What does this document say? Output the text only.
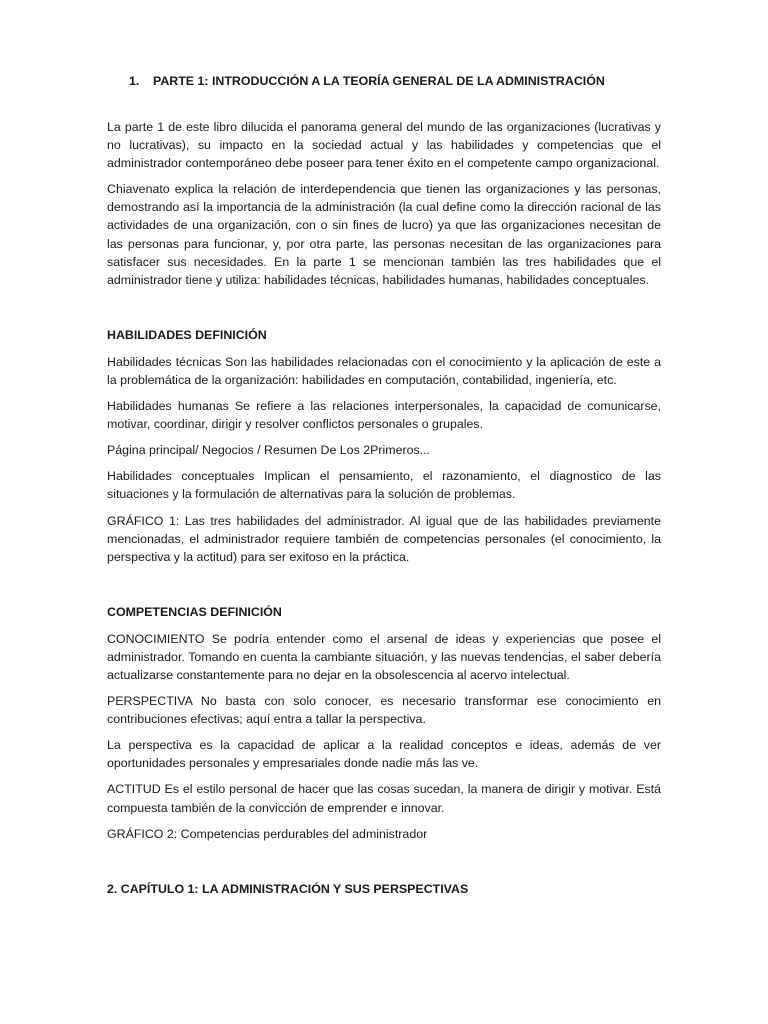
1. PARTE 1: INTRODUCCIÓN A LA TEORÍA GENERAL DE LA ADMINISTRACIÓN

La parte 1 de este libro dilucida el panorama general del mundo de las organizaciones (lucrativas y no lucrativas), su impacto en la sociedad actual y las habilidades y competencias que el administrador contemporáneo debe poseer para tener éxito en el competente campo organizacional.

Chiavenato explica la relación de interdependencia que tienen las organizaciones y las personas, demostrando así la importancia de la administración (la cual define como la dirección racional de las actividades de una organización, con o sin fines de lucro) ya que las organizaciones necesitan de las personas para funcionar, y, por otra parte, las personas necesitan de las organizaciones para satisfacer sus necesidades. En la parte 1 se mencionan también las tres habilidades que el administrador tiene y utiliza: habilidades técnicas, habilidades humanas, habilidades conceptuales.

HABILIDADES DEFINICIÓN

Habilidades técnicas Son las habilidades relacionadas con el conocimiento y la aplicación de este a la problemática de la organización: habilidades en computación, contabilidad, ingeniería, etc.

Habilidades humanas Se refiere a las relaciones interpersonales, la capacidad de comunicarse, motivar, coordinar, dirigir y resolver conflictos personales o grupales.

Página principal/ Negocios / Resumen De Los 2Primeros...

Habilidades conceptuales Implican el pensamiento, el razonamiento, el diagnostico de las situaciones y la formulación de alternativas para la solución de problemas.

GRÁFICO 1: Las tres habilidades del administrador. Al igual que de las habilidades previamente mencionadas, el administrador requiere también de competencias personales (el conocimiento, la perspectiva y la actitud) para ser exitoso en la práctica.

COMPETENCIAS DEFINICIÓN

CONOCIMIENTO Se podría entender como el arsenal de ideas y experiencias que posee el administrador. Tomando en cuenta la cambiante situación, y las nuevas tendencias, el saber debería actualizarse constantemente para no dejar en la obsolescencia al acervo intelectual.

PERSPECTIVA No basta con solo conocer, es necesario transformar ese conocimiento en contribuciones efectivas; aquí entra a tallar la perspectiva.

La perspectiva es la capacidad de aplicar a la realidad conceptos e ideas, además de ver oportunidades personales y empresariales donde nadie más las ve.

ACTITUD Es el estilo personal de hacer que las cosas sucedan, la manera de dirigir y motivar. Está compuesta también de la convicción de emprender e innovar.

GRÁFICO 2: Competencias perdurables del administrador

2. CAPÍTULO 1: LA ADMINISTRACIÓN Y SUS PERSPECTIVAS
